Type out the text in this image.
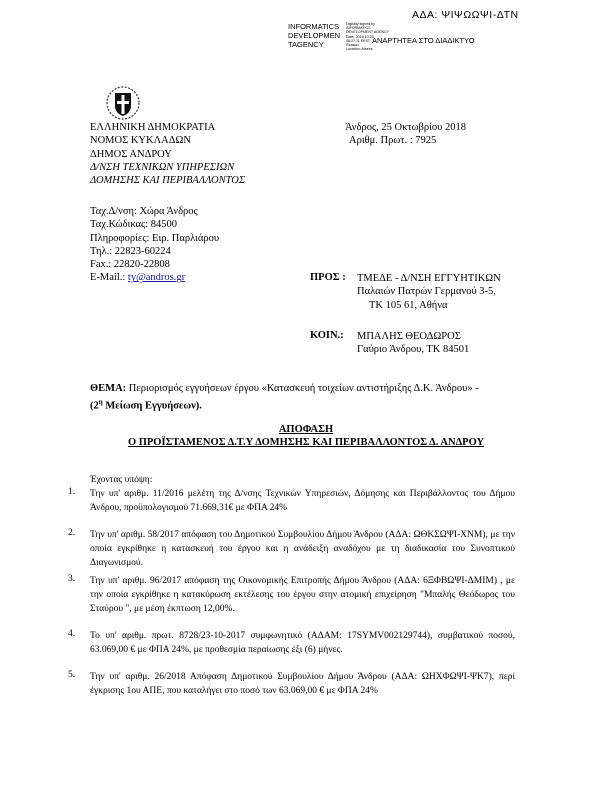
ΑΔΑ: ΨΙΨΩΩΨΙ-ΔΤΝ
INFORMATICS
DEVELOPMEN
TAGENCY
Digitally signed by
INFORMATICS
DEVELOPMENT AGENCY
Date: 2018.10.25
08:27:11 EEST
Reason:
Location: Athens
ΑΝΑΡΤΗΤΕΑ ΣΤΟ ΔΙΑΔΙΚΤΥΟ
ΕΛΛΗΝΙΚΗ ΔΗΜΟΚΡΑΤΙΑ
ΝΟΜΟΣ ΚΥΚΛΑΔΩΝ
ΔΗΜΟΣ ΑΝΔΡΟΥ
Δ/ΝΣΗ ΤΕΧΝΙΚΩΝ ΥΠΗΡΕΣΙΩΝ
ΔΟΜΗΣΗΣ ΚΑΙ ΠΕΡΙΒΑΛΛΟΝΤΟΣ
Άνδρος, 25 Οκτωβρίου 2018
Αριθμ. Πρωτ. : 7925
Ταχ.Δ/νση: Χώρα Άνδρος
Ταχ.Κώδικας: 84500
Πληροφορίες: Ειρ. Παρλιάρου
Τηλ.: 22823-60224
Fax.: 22820-22808
E-Mail.: ty@andros.gr	ΠΡΟΣ : ΤΜΕΔΕ - Δ/ΝΣΗ ΕΓΓΥΗΤΙΚΩΝ
Παλαιών Πατρών Γερμανού 3-5,
ΤΚ 105 61, Αθήνα
ΚΟΙΝ.: ΜΠΑΛΗΣ ΘΕΟΔΩΡΟΣ
Γαύριο Άνδρου, ΤΚ 84501
ΘΕΜΑ: Περιορισμός εγγυήσεων έργου «Κατασκευή τοιχείων αντιστήριξης Δ.Κ. Άνδρου» -
($2^\eta$ Μείωση Εγγυήσεων).
ΑΠΟΦΑΣΗ
Ο ΠΡΟΪΣΤΑΜΕΝΟΣ Δ.Τ.Υ ΔΟΜΗΣΗΣ ΚΑΙ ΠΕΡΙΒΑΛΛΟΝΤΟΣ Δ. ΑΝΔΡΟΥ
Έχοντας υπόψη:
1. Την υπ' αριθμ. 11/2016 μελέτη της Δ/νσης Τεχνικών Υπηρεσιών, Δόμησης και Περιβάλλοντος του Δήμου Άνδρου, προϋπολογισμού 71.669,31€ με ΦΠΑ 24%
2. Την υπ' αριθμ. 58/2017 απόφαση του Δημοτικού Συμβουλίου Δήμου Άνδρου (ΑΔΑ: ΩΘΚΣΩΨΙ-ΧΝΜ), με την οποία εγκρίθηκε η κατασκευή του έργου και η ανάδειξη αναδόχου με τη διαδικασία του Συνοπτικού Διαγωνισμού.
3. Την υπ' αριθμ. 96/2017 απόφαση της Οικονομικής Επιτροπής Δήμου Άνδρου (ΑΔΑ: 6ΞΦΒΩΨΙ-ΔΜΙΜ) , με την οποία εγκρίθηκε η κατακύρωση εκτέλεσης του έργου στην ατομική επιχείρηση "Μπαλής Θεόδωρος του Σταύρου ", με μέση έκπτωση 12,00%.
4. Το υπ' αριθμ. πρωτ. 8728/23-10-2017 συμφωνητικό (ΑΔΑΜ: 17SYMV002129744), συμβατικού ποσού, 63.069,00 € με ΦΠΑ 24%, με προθεσμία περαίωσης έξι (6) μήνες.
5. Την υπ' αριθμ. 26/2018 Απόφαση Δημοτικού Συμβουλίου Δήμου Άνδρου (ΑΔΑ: ΩΗΧΦΩΨΙ-ΨΚ7), περί έγκρισης 1ου ΑΠΕ, που καταλήγει στο ποσό των 63.069,00 € με ΦΠΑ 24%
